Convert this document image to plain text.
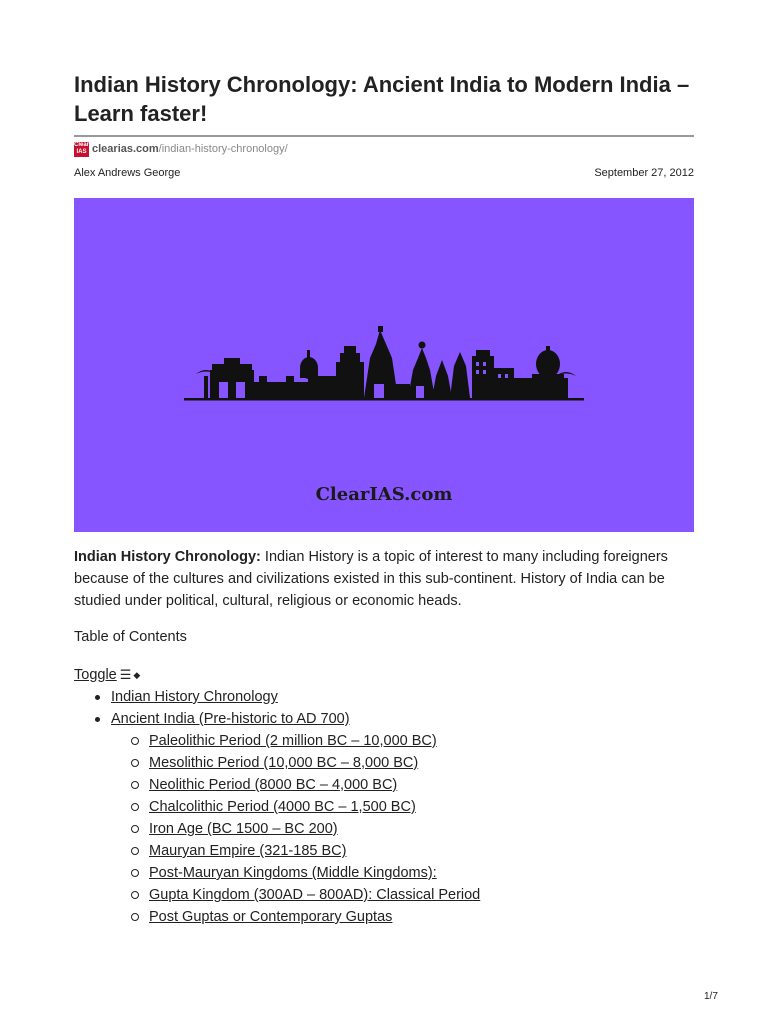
Indian History Chronology: Ancient India to Modern India – Learn faster!
Clear
IAS clearias.com /indian-history-chronology/
Alex Andrews George	September 27, 2012
ClearIAS.com

Indian History Chronology: Indian History is a topic of interest to many including foreigners because of the cultures and civilizations existed in this sub-continent. History of India can be studied under political, cultural, religious or economic heads.

Table of Contents
Toggle ☰ ◆
Indian History Chronology
Ancient India (Pre-historic to AD 700)
Paleolithic Period (2 million BC – 10,000 BC)
Mesolithic Period (10,000 BC – 8,000 BC)
Neolithic Period (8000 BC – 4,000 BC)
Chalcolithic Period (4000 BC – 1,500 BC)
Iron Age (BC 1500 – BC 200)
Mauryan Empire (321-185 BC)
Post-Mauryan Kingdoms (Middle Kingdoms):
Gupta Kingdom (300AD – 800AD): Classical Period
Post Guptas or Contemporary Guptas
1/7
